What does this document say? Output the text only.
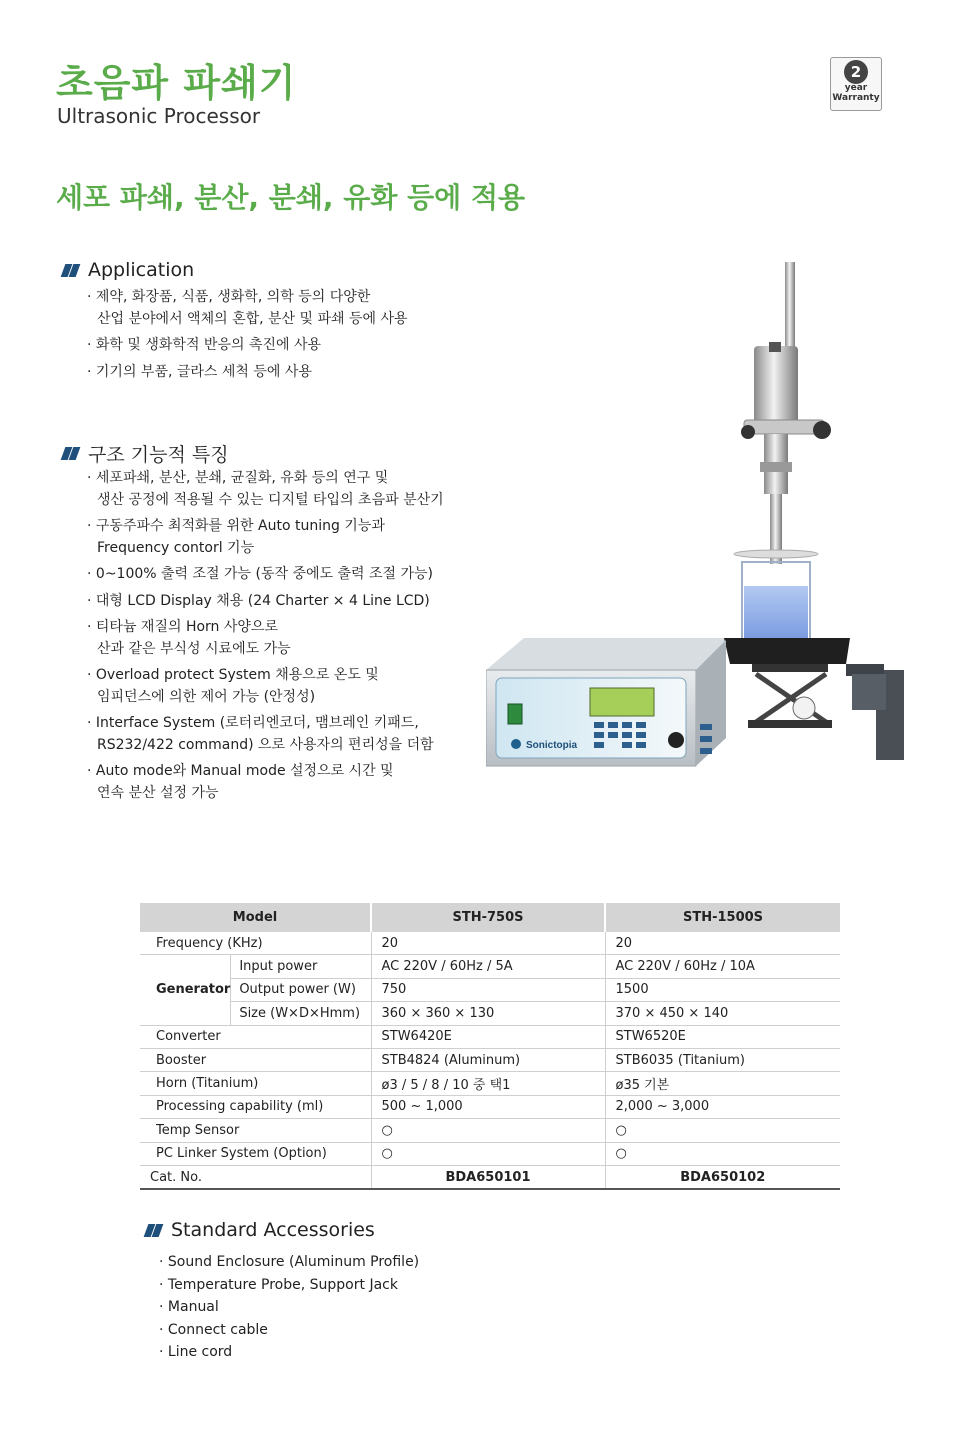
초음파 파쇄기
Ultrasonic Processor
2
year
Warranty
세포 파쇄, 분산, 분쇄, 유화 등에 적용
Application
· 제약, 화장품, 식품, 생화학, 의학 등의 다양한
산업 분야에서 액체의 혼합, 분산 및 파쇄 등에 사용
· 화학 및 생화학적 반응의 촉진에 사용
· 기기의 부품, 글라스 세척 등에 사용
구조 기능적 특징
· 세포파쇄, 분산, 분쇄, 균질화, 유화 등의 연구 및
생산 공정에 적용될 수 있는 디지털 타입의 초음파 분산기
· 구동주파수 최적화를 위한 Auto tuning 기능과
Frequency contorl 기능
· 0~100% 출력 조절 가능 (동작 중에도 출력 조절 가능)
· 대형 LCD Display 채용 (24 Charter × 4 Line LCD)
· 티타늄 재질의 Horn 사양으로
산과 같은 부식성 시료에도 가능
· Overload protect System 채용으로 온도 및
임피던스에 의한 제어 가능 (안정성)
· Interface System (로터리엔코더, 맴브레인 키패드,
RS232/422 command) 으로 사용자의 편리성을 더함
· Auto mode와 Manual mode 설정으로 시간 및
연속 분산 설정 가능
Sonictopia
Model		STH-750S	STH-1500S
Frequency (KHz)		20	20
Generator	Input power	AC 220V / 60Hz / 5A	AC 220V / 60Hz / 10A
	Output power (W)	750	1500
	Size (W×D×Hmm)	360 × 360 × 130	370 × 450 × 140
Converter		STW6420E	STW6520E
Booster		STB4824 (Aluminum)	STB6035 (Titanium)
Horn (Titanium)		ø3 / 5 / 8 / 10 중 택1	ø35 기본
Processing capability (ml)		500 ~ 1,000	2,000 ~ 3,000
Temp Sensor		○	○
PC Linker System (Option)		○	○
Cat. No.		BDA650101	BDA650102
Standard Accessories
· Sound Enclosure (Aluminum Profile)
· Temperature Probe, Support Jack
· Manual
· Connect cable
· Line cord
